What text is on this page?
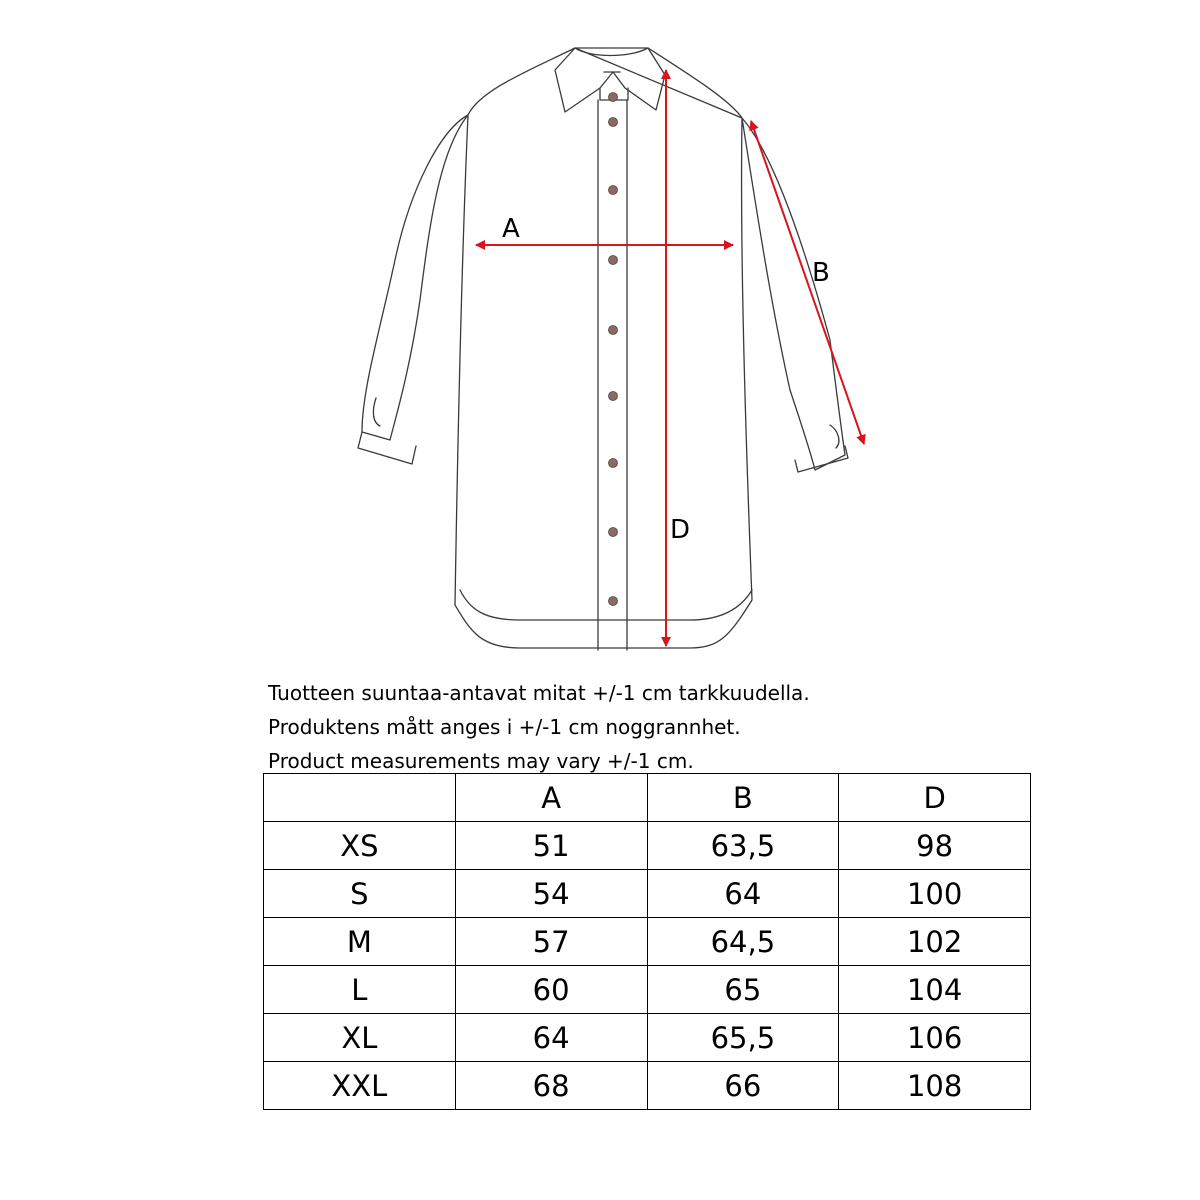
A
B
D
Tuotteen suuntaa-antavat mitat +/-1 cm tarkkuudella.
Produktens mått anges i +/-1 cm noggrannhet.
Product measurements may vary +/-1 cm.
	A	B	D
XS	51	63,5	98
S	54	64	100
M	57	64,5	102
L	60	65	104
XL	64	65,5	106
XXL	68	66	108
